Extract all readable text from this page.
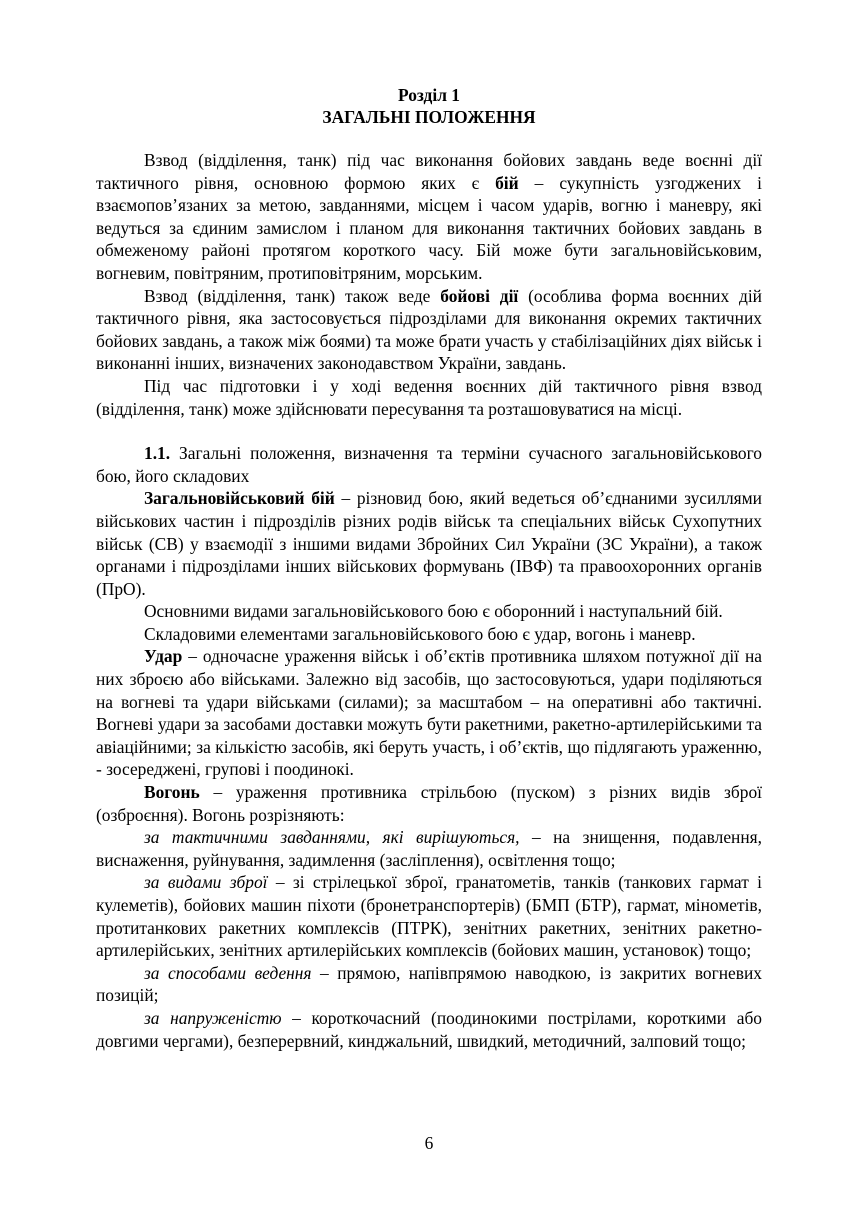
Розділ 1
ЗАГАЛЬНІ ПОЛОЖЕННЯ

Взвод (відділення, танк) під час виконання бойових завдань веде воєнні дії тактичного рівня, основною формою яких є бій – сукупність узгоджених і взаємопов’язаних за метою, завданнями, місцем і часом ударів, вогню і маневру, які ведуться за єдиним замислом і планом для виконання тактичних бойових завдань в обмеженому районі протягом короткого часу. Бій може бути загальновійськовим, вогневим, повітряним, протиповітряним, морським.

Взвод (відділення, танк) також веде бойові дії (особлива форма воєнних дій тактичного рівня, яка застосовується підрозділами для виконання окремих тактичних бойових завдань, а також між боями) та може брати участь у стабілізаційних діях військ і виконанні інших, визначених законодавством України, завдань.

Під час підготовки і у ході ведення воєнних дій тактичного рівня взвод (відділення, танк) може здійснювати пересування та розташовуватися на місці.

1.1. Загальні положення, визначення та терміни сучасного загальновійськового бою, його складових

Загальновійськовий бій – різновид бою, який ведеться об’єднаними зусиллями військових частин і підрозділів різних родів військ та спеціальних військ Сухопутних військ (СВ) у взаємодії з іншими видами Збройних Сил України (ЗС України), а також органами і підрозділами інших військових формувань (ІВФ) та правоохоронних органів (ПрО).

Основними видами загальновійськового бою є оборонний і наступальний бій.

Складовими елементами загальновійськового бою є удар, вогонь і маневр.

Удар – одночасне ураження військ і об’єктів противника шляхом потужної дії на них зброєю або військами. Залежно від засобів, що застосовуються, удари поділяються на вогневі та удари військами (силами); за масштабом – на оперативні або тактичні. Вогневі удари за засобами доставки можуть бути ракетними, ракетно-артилерійськими та авіаційними; за кількістю засобів, які беруть участь, і об’єктів, що підлягають ураженню, - зосереджені, групові і поодинокі.

Вогонь – ураження противника стрільбою (пуском) з різних видів зброї (озброєння). Вогонь розрізняють:

за тактичними завданнями, які вирішуються, – на знищення, подавлення, виснаження, руйнування, задимлення (засліплення), освітлення тощо;

за видами зброї – зі стрілецької зброї, гранатометів, танків (танкових гармат і кулеметів), бойових машин піхоти (бронетранспортерів) (БМП (БТР), гармат, мінометів, протитанкових ракетних комплексів (ПТРК), зенітних ракетних, зенітних ракетно-артилерійських, зенітних артилерійських комплексів (бойових машин, установок) тощо;

за способами ведення – прямою, напівпрямою наводкою, із закритих вогневих позицій;

за напруженістю – короткочасний (поодинокими пострілами, короткими або довгими чергами), безперервний, кинджальний, швидкий, методичний, залповий тощо;

6
